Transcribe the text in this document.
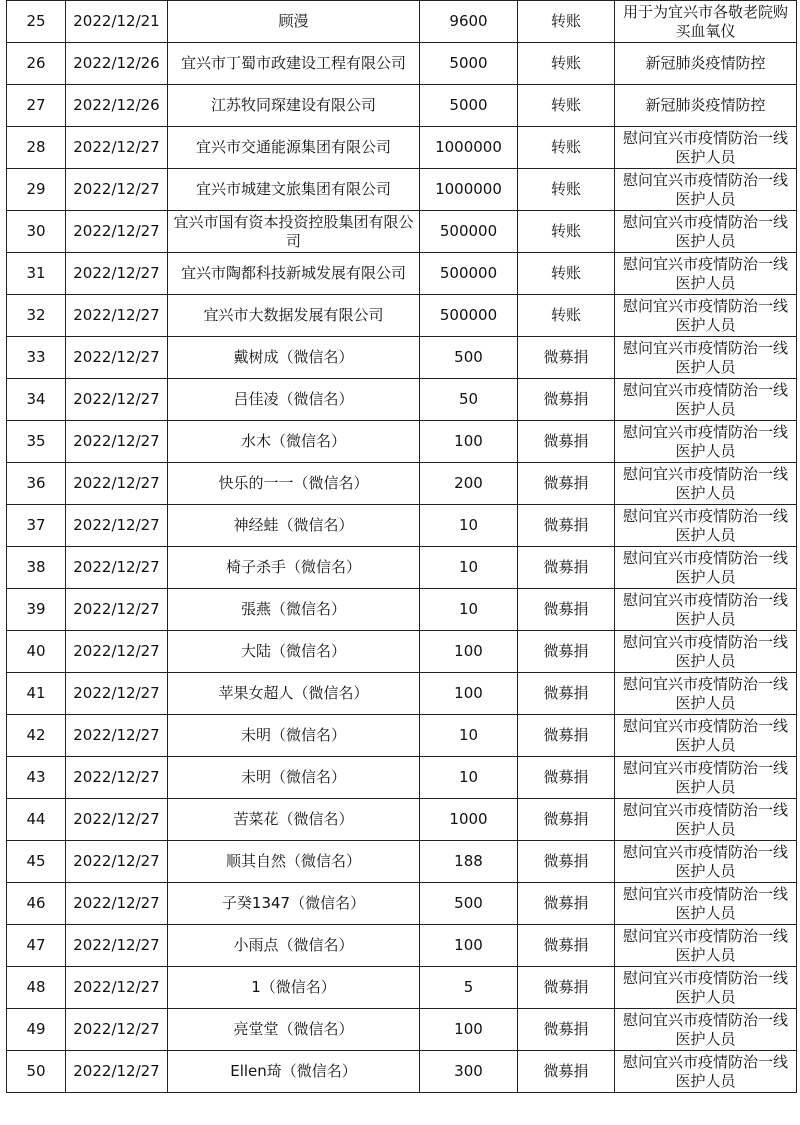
25	2022/12/21	顾漫	9600	转账	用于为宜兴市各敬老院购买血氧仪
26	2022/12/26	宜兴市丁蜀市政建设工程有限公司	5000	转账	新冠肺炎疫情防控
27	2022/12/26	江苏牧同琛建设有限公司	5000	转账	新冠肺炎疫情防控
28	2022/12/27	宜兴市交通能源集团有限公司	1000000	转账	慰问宜兴市疫情防治一线医护人员
29	2022/12/27	宜兴市城建文旅集团有限公司	1000000	转账	慰问宜兴市疫情防治一线医护人员
30	2022/12/27	宜兴市国有资本投资控股集团有限公司	500000	转账	慰问宜兴市疫情防治一线医护人员
31	2022/12/27	宜兴市陶都科技新城发展有限公司	500000	转账	慰问宜兴市疫情防治一线医护人员
32	2022/12/27	宜兴市大数据发展有限公司	500000	转账	慰问宜兴市疫情防治一线医护人员
33	2022/12/27	戴树成（微信名）	500	微募捐	慰问宜兴市疫情防治一线医护人员
34	2022/12/27	吕佳凌（微信名）	50	微募捐	慰问宜兴市疫情防治一线医护人员
35	2022/12/27	水木（微信名）	100	微募捐	慰问宜兴市疫情防治一线医护人员
36	2022/12/27	快乐的一一（微信名）	200	微募捐	慰问宜兴市疫情防治一线医护人员
37	2022/12/27	神经蛙（微信名）	10	微募捐	慰问宜兴市疫情防治一线医护人员
38	2022/12/27	椅子杀手（微信名）	10	微募捐	慰问宜兴市疫情防治一线医护人员
39	2022/12/27	張燕（微信名）	10	微募捐	慰问宜兴市疫情防治一线医护人员
40	2022/12/27	大陆（微信名）	100	微募捐	慰问宜兴市疫情防治一线医护人员
41	2022/12/27	苹果女超人（微信名）	100	微募捐	慰问宜兴市疫情防治一线医护人员
42	2022/12/27	未明（微信名）	10	微募捐	慰问宜兴市疫情防治一线医护人员
43	2022/12/27	未明（微信名）	10	微募捐	慰问宜兴市疫情防治一线医护人员
44	2022/12/27	苦菜花（微信名）	1000	微募捐	慰问宜兴市疫情防治一线医护人员
45	2022/12/27	顺其自然（微信名）	188	微募捐	慰问宜兴市疫情防治一线医护人员
46	2022/12/27	子癸1347（微信名）	500	微募捐	慰问宜兴市疫情防治一线医护人员
47	2022/12/27	小雨点（微信名）	100	微募捐	慰问宜兴市疫情防治一线医护人员
48	2022/12/27	1（微信名）	5	微募捐	慰问宜兴市疫情防治一线医护人员
49	2022/12/27	亮堂堂（微信名）	100	微募捐	慰问宜兴市疫情防治一线医护人员
50	2022/12/27	Ellen琦（微信名）	300	微募捐	慰问宜兴市疫情防治一线医护人员
